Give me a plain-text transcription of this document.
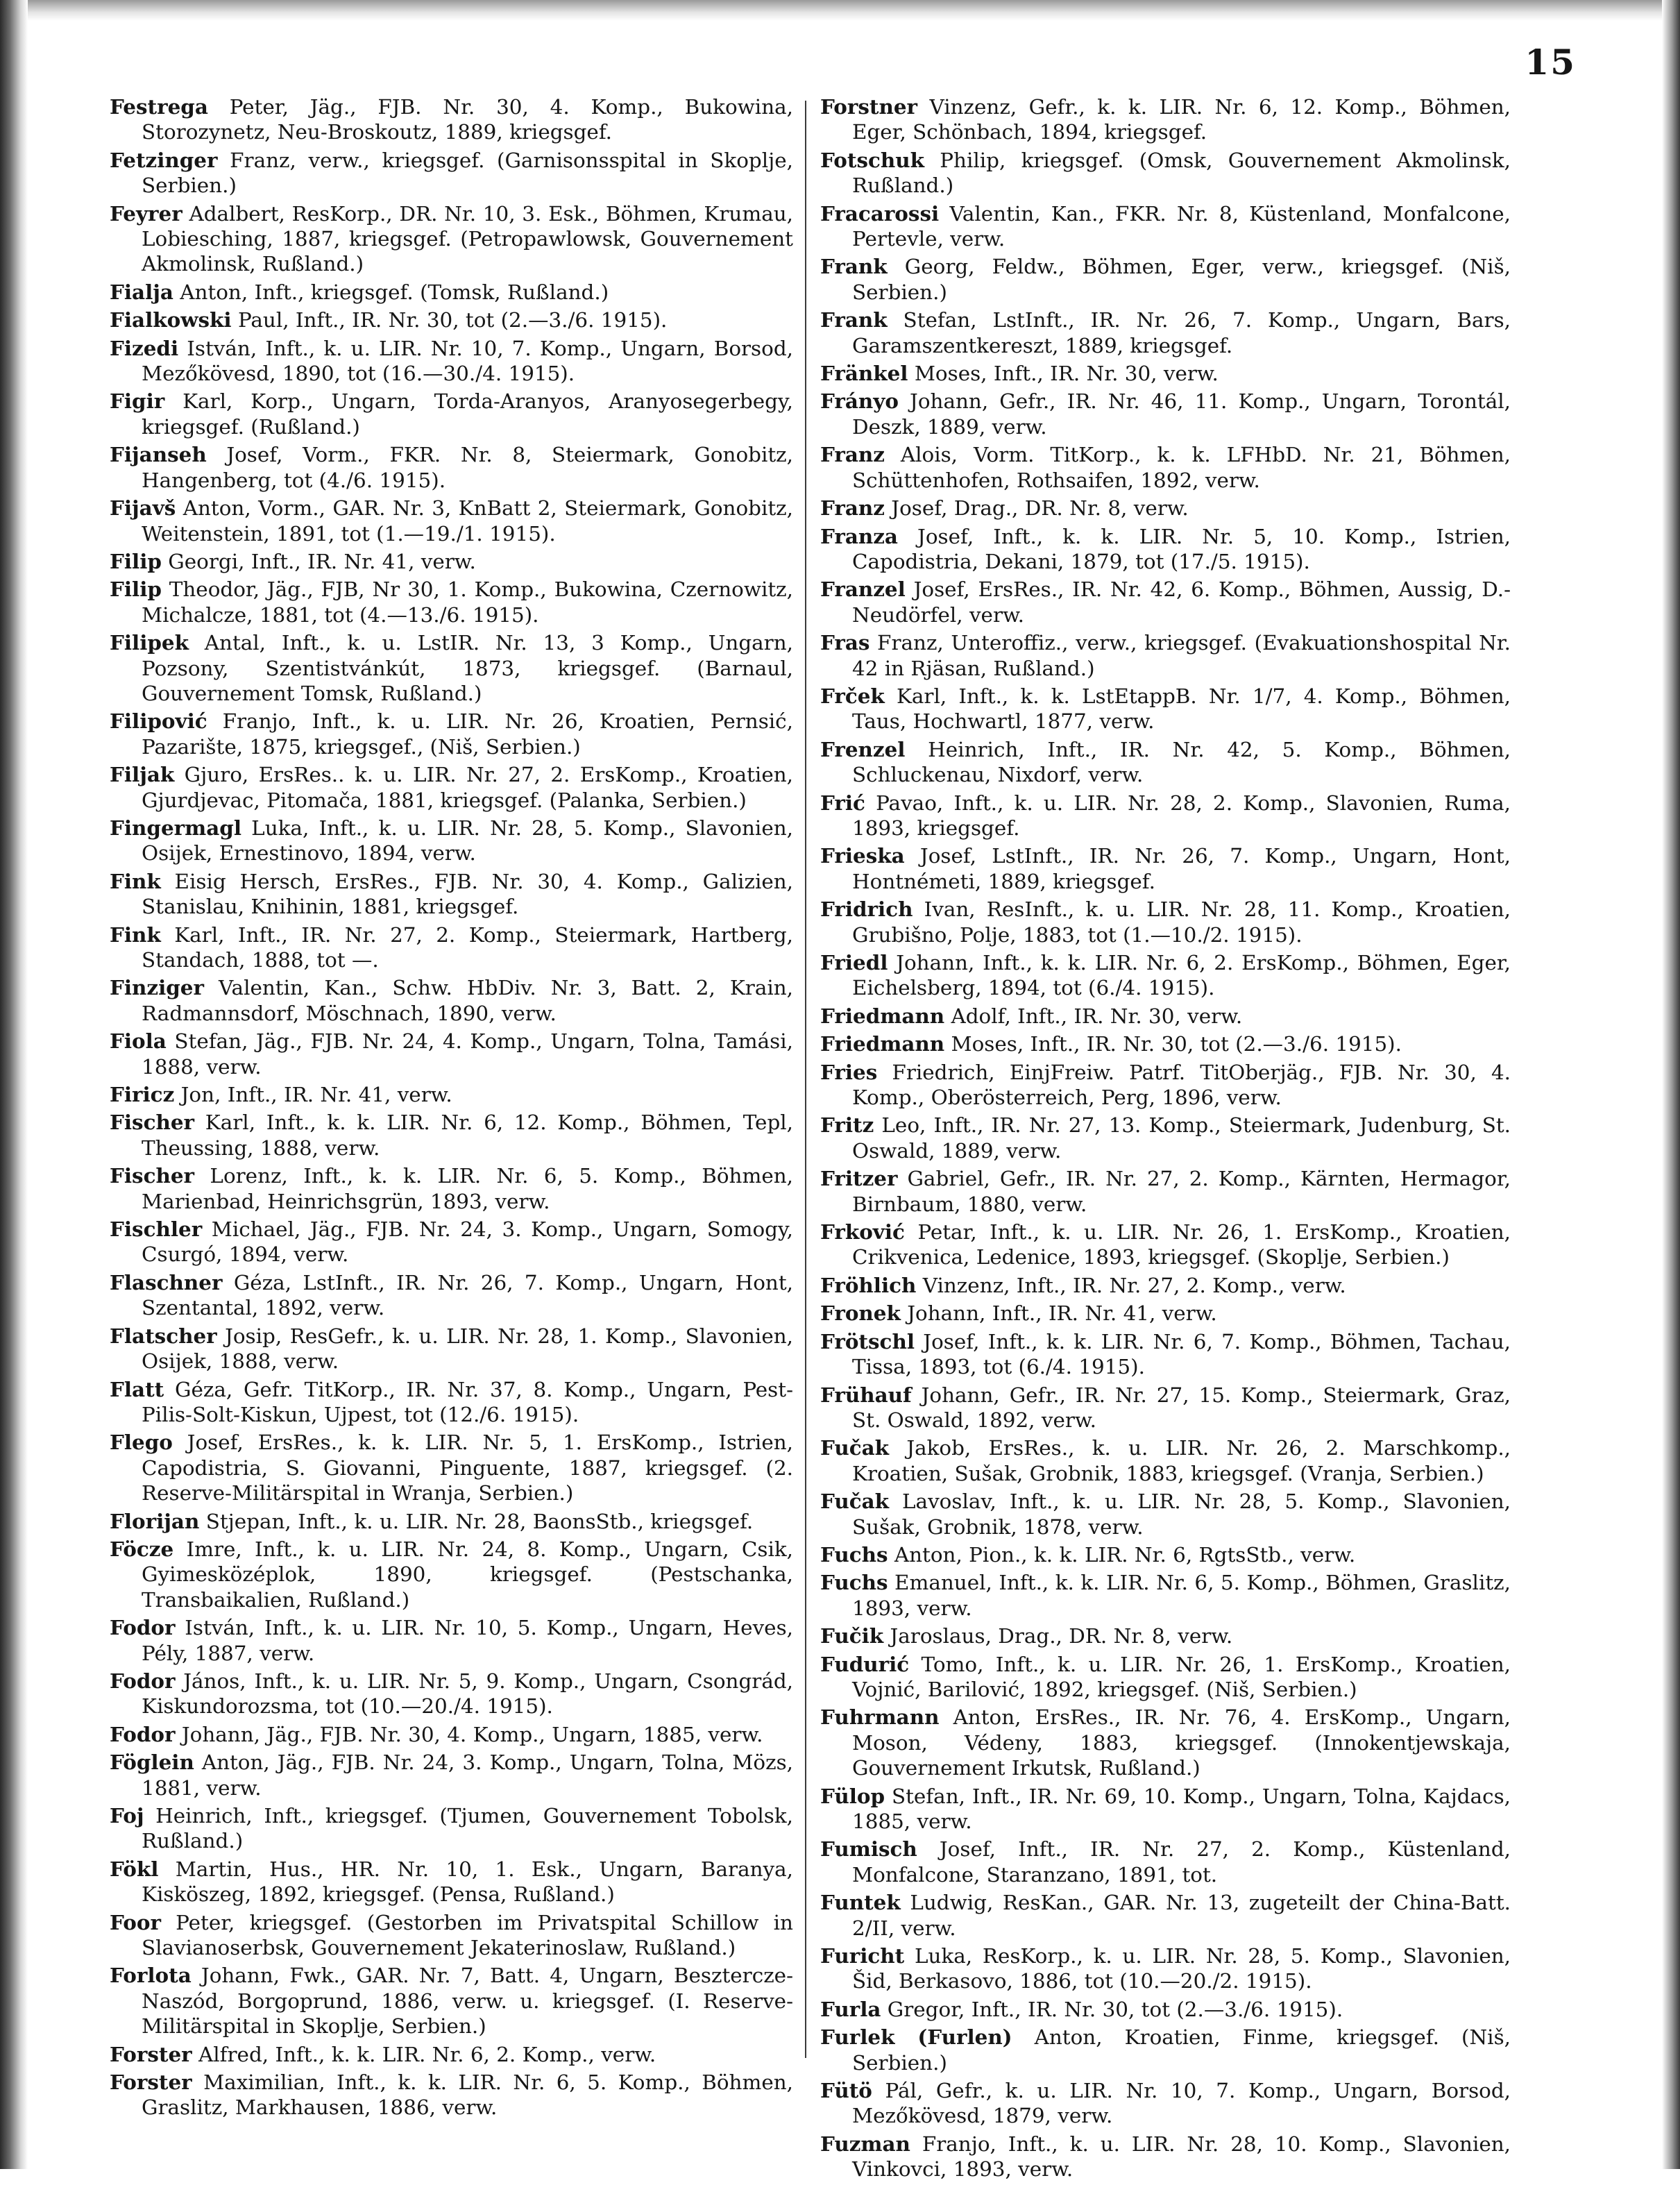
15

Festrega Peter, Jäg., FJB. Nr. 30, 4. Komp., Bukowina, Storozynetz, Neu-Broskoutz, 1889, kriegsgef.

Fetzinger Franz, verw., kriegsgef. (Garnisonsspital in Skoplje, Serbien.)

Feyrer Adalbert, ResKorp., DR. Nr. 10, 3. Esk., Böhmen, Krumau, Lobiesching, 1887, kriegsgef. (Petropawlowsk, Gouvernement Akmolinsk, Rußland.)

Fialja Anton, Inft., kriegsgef. (Tomsk, Rußland.)

Fialkowski Paul, Inft., IR. Nr. 30, tot (2.—3./6. 1915).

Fizedi István, Inft., k. u. LIR. Nr. 10, 7. Komp., Ungarn, Borsod, Mezőkövesd, 1890, tot (16.—30./4. 1915).

Figir Karl, Korp., Ungarn, Torda-Aranyos, Aranyosegerbegy, kriegsgef. (Rußland.)

Fijanseh Josef, Vorm., FKR. Nr. 8, Steiermark, Gonobitz, Hangenberg, tot (4./6. 1915).

Fijavš Anton, Vorm., GAR. Nr. 3, KnBatt 2, Steiermark, Gonobitz, Weitenstein, 1891, tot (1.—19./1. 1915).

Filip Georgi, Inft., IR. Nr. 41, verw.

Filip Theodor, Jäg., FJB, Nr 30, 1. Komp., Bukowina, Czernowitz, Michalcze, 1881, tot (4.—13./6. 1915).

Filipek Antal, Inft., k. u. LstIR. Nr. 13, 3 Komp., Ungarn, Pozsony, Szentistvánkút, 1873, kriegsgef. (Barnaul, Gouvernement Tomsk, Rußland.)

Filipović Franjo, Inft., k. u. LIR. Nr. 26, Kroatien, Pernsić, Pazarište, 1875, kriegsgef., (Niš, Serbien.)

Filjak Gjuro, ErsRes.. k. u. LIR. Nr. 27, 2. ErsKomp., Kroatien, Gjurdjevac, Pitomača, 1881, kriegsgef. (Palanka, Serbien.)

Fingermagl Luka, Inft., k. u. LIR. Nr. 28, 5. Komp., Slavonien, Osijek, Ernestinovo, 1894, verw.

Fink Eisig Hersch, ErsRes., FJB. Nr. 30, 4. Komp., Galizien, Stanislau, Knihinin, 1881, kriegsgef.

Fink Karl, Inft., IR. Nr. 27, 2. Komp., Steiermark, Hartberg, Standach, 1888, tot —.

Finziger Valentin, Kan., Schw. HbDiv. Nr. 3, Batt. 2, Krain, Radmannsdorf, Möschnach, 1890, verw.

Fiola Stefan, Jäg., FJB. Nr. 24, 4. Komp., Ungarn, Tolna, Tamási, 1888, verw.

Firicz Jon, Inft., IR. Nr. 41, verw.

Fischer Karl, Inft., k. k. LIR. Nr. 6, 12. Komp., Böhmen, Tepl, Theussing, 1888, verw.

Fischer Lorenz, Inft., k. k. LIR. Nr. 6, 5. Komp., Böhmen, Marienbad, Heinrichsgrün, 1893, verw.

Fischler Michael, Jäg., FJB. Nr. 24, 3. Komp., Ungarn, Somogy, Csurgó, 1894, verw.

Flaschner Géza, LstInft., IR. Nr. 26, 7. Komp., Ungarn, Hont, Szentantal, 1892, verw.

Flatscher Josip, ResGefr., k. u. LIR. Nr. 28, 1. Komp., Slavonien, Osijek, 1888, verw.

Flatt Géza, Gefr. TitKorp., IR. Nr. 37, 8. Komp., Ungarn, Pest-Pilis-Solt-Kiskun, Ujpest, tot (12./6. 1915).

Flego Josef, ErsRes., k. k. LIR. Nr. 5, 1. ErsKomp., Istrien, Capodistria, S. Giovanni, Pinguente, 1887, kriegsgef. (2. Reserve-Militärspital in Wranja, Serbien.)

Florijan Stjepan, Inft., k. u. LIR. Nr. 28, BaonsStb., kriegsgef.

Föcze Imre, Inft., k. u. LIR. Nr. 24, 8. Komp., Ungarn, Csik, Gyimesközéplok, 1890, kriegsgef. (Pestschanka, Transbaikalien, Rußland.)

Fodor István, Inft., k. u. LIR. Nr. 10, 5. Komp., Ungarn, Heves, Pély, 1887, verw.

Fodor János, Inft., k. u. LIR. Nr. 5, 9. Komp., Ungarn, Csongrád, Kiskundorozsma, tot (10.—20./4. 1915).

Fodor Johann, Jäg., FJB. Nr. 30, 4. Komp., Ungarn, 1885, verw.

Föglein Anton, Jäg., FJB. Nr. 24, 3. Komp., Ungarn, Tolna, Mözs, 1881, verw.

Foj Heinrich, Inft., kriegsgef. (Tjumen, Gouvernement Tobolsk, Rußland.)

Fökl Martin, Hus., HR. Nr. 10, 1. Esk., Ungarn, Baranya, Kisköszeg, 1892, kriegsgef. (Pensa, Rußland.)

Foor Peter, kriegsgef. (Gestorben im Privatspital Schillow in Slavianoserbsk, Gouvernement Jekaterinoslaw, Rußland.)

Forlota Johann, Fwk., GAR. Nr. 7, Batt. 4, Ungarn, Besztercze-Naszód, Borgoprund, 1886, verw. u. kriegsgef. (I. Reserve-Militärspital in Skoplje, Serbien.)

Forster Alfred, Inft., k. k. LIR. Nr. 6, 2. Komp., verw.

Forster Maximilian, Inft., k. k. LIR. Nr. 6, 5. Komp., Böhmen, Graslitz, Markhausen, 1886, verw.

Forstner Vinzenz, Gefr., k. k. LIR. Nr. 6, 12. Komp., Böhmen, Eger, Schönbach, 1894, kriegsgef.

Fotschuk Philip, kriegsgef. (Omsk, Gouvernement Akmolinsk, Rußland.)

Fracarossi Valentin, Kan., FKR. Nr. 8, Küstenland, Monfalcone, Pertevle, verw.

Frank Georg, Feldw., Böhmen, Eger, verw., kriegsgef. (Niš, Serbien.)

Frank Stefan, LstInft., IR. Nr. 26, 7. Komp., Ungarn, Bars, Garamszentkereszt, 1889, kriegsgef.

Fränkel Moses, Inft., IR. Nr. 30, verw.

Frányo Johann, Gefr., IR. Nr. 46, 11. Komp., Ungarn, Torontál, Deszk, 1889, verw.

Franz Alois, Vorm. TitKorp., k. k. LFHbD. Nr. 21, Böhmen, Schüttenhofen, Rothsaifen, 1892, verw.

Franz Josef, Drag., DR. Nr. 8, verw.

Franza Josef, Inft., k. k. LIR. Nr. 5, 10. Komp., Istrien, Capodistria, Dekani, 1879, tot (17./5. 1915).

Franzel Josef, ErsRes., IR. Nr. 42, 6. Komp., Böhmen, Aussig, D.-Neudörfel, verw.

Fras Franz, Unteroffiz., verw., kriegsgef. (Evakuationshospital Nr. 42 in Rjäsan, Rußland.)

Frček Karl, Inft., k. k. LstEtappB. Nr. 1/7, 4. Komp., Böhmen, Taus, Hochwartl, 1877, verw.

Frenzel Heinrich, Inft., IR. Nr. 42, 5. Komp., Böhmen, Schluckenau, Nixdorf, verw.

Frić Pavao, Inft., k. u. LIR. Nr. 28, 2. Komp., Slavonien, Ruma, 1893, kriegsgef.

Frieska Josef, LstInft., IR. Nr. 26, 7. Komp., Ungarn, Hont, Hontnémeti, 1889, kriegsgef.

Fridrich Ivan, ResInft., k. u. LIR. Nr. 28, 11. Komp., Kroatien, Grubišno, Polje, 1883, tot (1.—10./2. 1915).

Friedl Johann, Inft., k. k. LIR. Nr. 6, 2. ErsKomp., Böhmen, Eger, Eichelsberg, 1894, tot (6./4. 1915).

Friedmann Adolf, Inft., IR. Nr. 30, verw.

Friedmann Moses, Inft., IR. Nr. 30, tot (2.—3./6. 1915).

Fries Friedrich, EinjFreiw. Patrf. TitOberjäg., FJB. Nr. 30, 4. Komp., Oberösterreich, Perg, 1896, verw.

Fritz Leo, Inft., IR. Nr. 27, 13. Komp., Steiermark, Judenburg, St. Oswald, 1889, verw.

Fritzer Gabriel, Gefr., IR. Nr. 27, 2. Komp., Kärnten, Hermagor, Birnbaum, 1880, verw.

Frković Petar, Inft., k. u. LIR. Nr. 26, 1. ErsKomp., Kroatien, Crikvenica, Ledenice, 1893, kriegsgef. (Skoplje, Serbien.)

Fröhlich Vinzenz, Inft., IR. Nr. 27, 2. Komp., verw.

Fronek Johann, Inft., IR. Nr. 41, verw.

Frötschl Josef, Inft., k. k. LIR. Nr. 6, 7. Komp., Böhmen, Tachau, Tissa, 1893, tot (6./4. 1915).

Frühauf Johann, Gefr., IR. Nr. 27, 15. Komp., Steiermark, Graz, St. Oswald, 1892, verw.

Fučak Jakob, ErsRes., k. u. LIR. Nr. 26, 2. Marschkomp., Kroatien, Sušak, Grobnik, 1883, kriegsgef. (Vranja, Serbien.)

Fučak Lavoslav, Inft., k. u. LIR. Nr. 28, 5. Komp., Slavonien, Sušak, Grobnik, 1878, verw.

Fuchs Anton, Pion., k. k. LIR. Nr. 6, RgtsStb., verw.

Fuchs Emanuel, Inft., k. k. LIR. Nr. 6, 5. Komp., Böhmen, Graslitz, 1893, verw.

Fučik Jaroslaus, Drag., DR. Nr. 8, verw.

Fudurić Tomo, Inft., k. u. LIR. Nr. 26, 1. ErsKomp., Kroatien, Vojnić, Barilović, 1892, kriegsgef. (Niš, Serbien.)

Fuhrmann Anton, ErsRes., IR. Nr. 76, 4. ErsKomp., Ungarn, Moson, Védeny, 1883, kriegsgef. (Innokentjewskaja, Gouvernement Irkutsk, Rußland.)

Fülop Stefan, Inft., IR. Nr. 69, 10. Komp., Ungarn, Tolna, Kajdacs, 1885, verw.

Fumisch Josef, Inft., IR. Nr. 27, 2. Komp., Küstenland, Monfalcone, Staranzano, 1891, tot.

Funtek Ludwig, ResKan., GAR. Nr. 13, zugeteilt der China-Batt. 2/II, verw.

Furicht Luka, ResKorp., k. u. LIR. Nr. 28, 5. Komp., Slavonien, Šid, Berkasovo, 1886, tot (10.—20./2. 1915).

Furla Gregor, Inft., IR. Nr. 30, tot (2.—3./6. 1915).

Furlek (Furlen) Anton, Kroatien, Finme, kriegsgef. (Niš, Serbien.)

Fütö Pál, Gefr., k. u. LIR. Nr. 10, 7. Komp., Ungarn, Borsod, Mezőkövesd, 1879, verw.

Fuzman Franjo, Inft., k. u. LIR. Nr. 28, 10. Komp., Slavonien, Vinkovci, 1893, verw.
